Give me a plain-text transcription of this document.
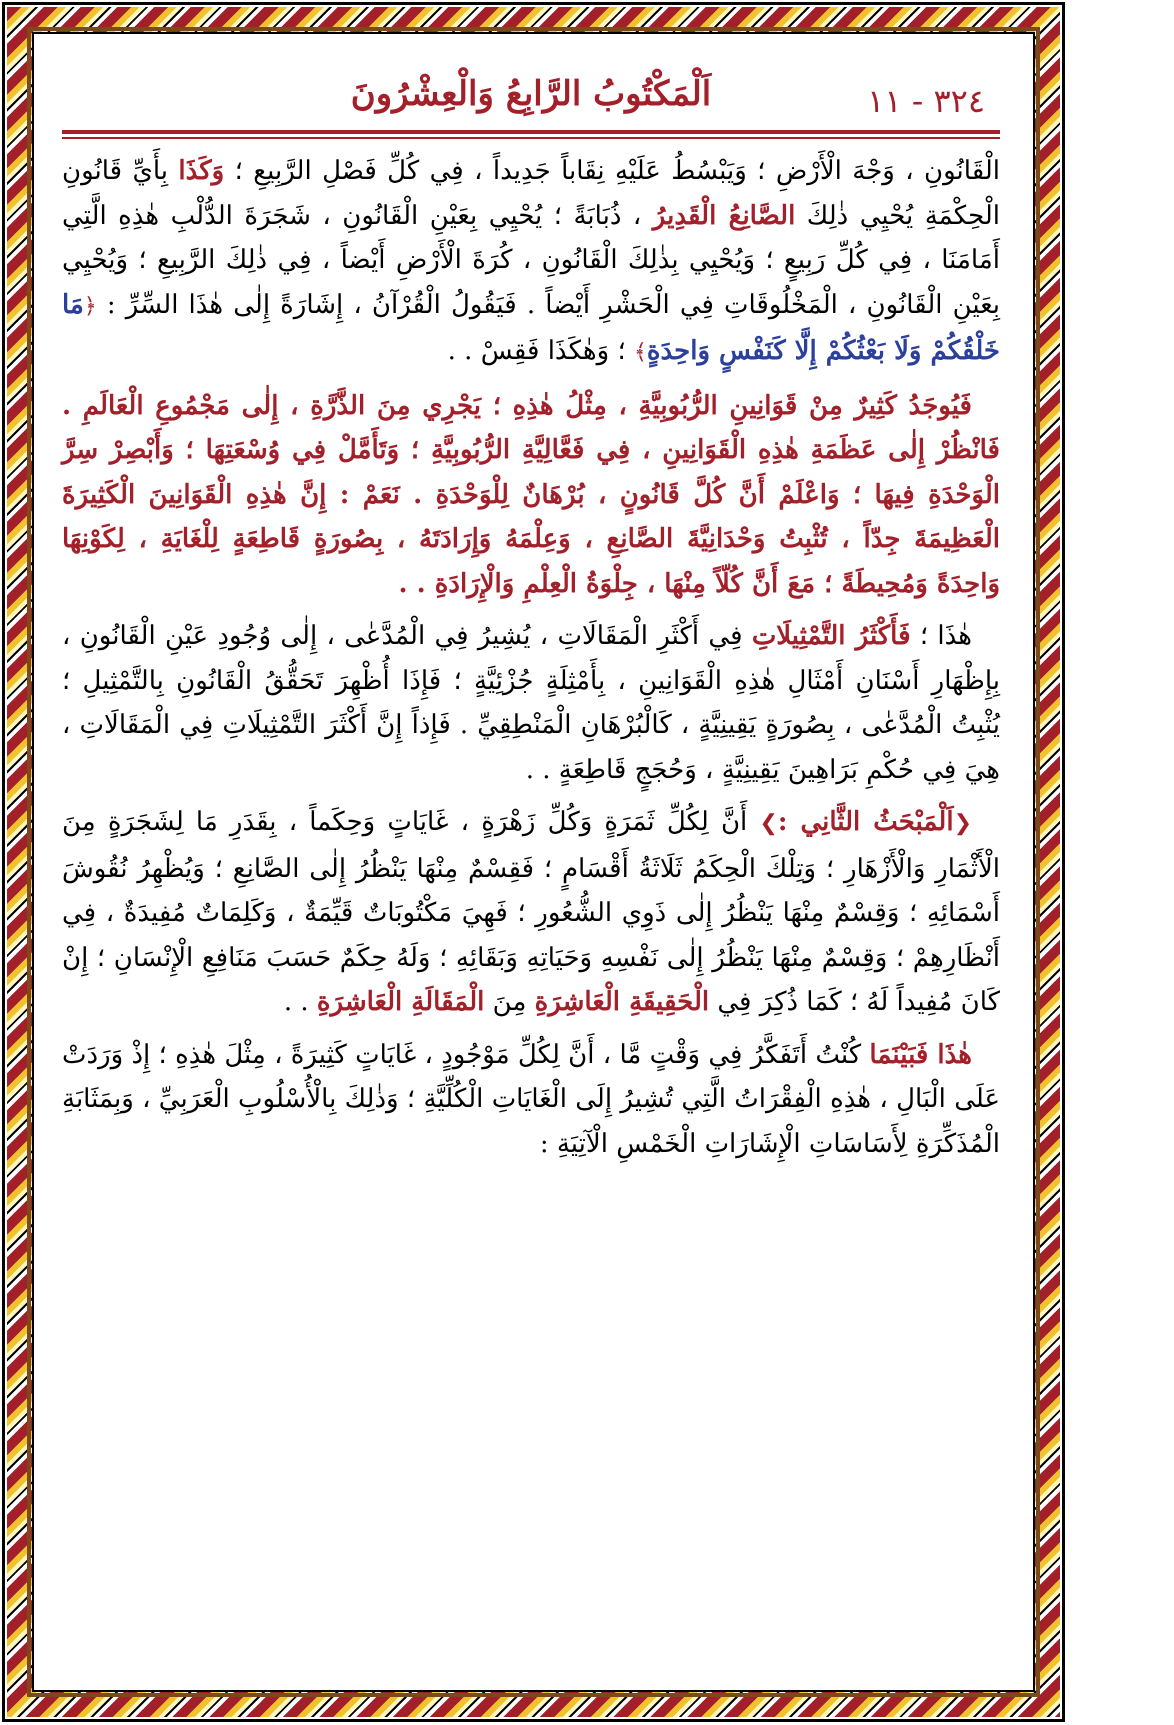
٣٢٤ - ١١
اَلْمَكْتُوبُ الرَّابِعُ وَالْعِشْرُونَ

الْقَانُونِ ، وَجْهَ الْأَرْضِ ؛ وَيَبْسُطُ عَلَيْهِ نِقَاباً جَدِيداً ، فِي كُلِّ فَصْلِ الرَّبِيعِ ؛ وَكَذَا بِأَيِّ قَانُونِ الْحِكْمَةِ يُحْيِي ذٰلِكَ الصَّانِعُ الْقَدِيرُ ، ذُبَابَةً ؛ يُحْيِي بِعَيْنِ الْقَانُونِ ، شَجَرَةَ الدُّلْبِ هٰذِهِ الَّتِي أَمَامَنَا ، فِي كُلِّ رَبِيعٍ ؛ وَيُحْيِي بِذٰلِكَ الْقَانُونِ ، كُرَةَ الْأَرْضِ أَيْضاً ، فِي ذٰلِكَ الرَّبِيعِ ؛ وَيُحْيِي بِعَيْنِ الْقَانُونِ ، الْمَخْلُوقَاتِ فِي الْحَشْرِ أَيْضاً . فَيَقُولُ الْقُرْآنُ ، إِشَارَةً إِلٰى هٰذَا السِّرِّ : ﴿مَا خَلْقُكُمْ وَلَا بَعْثُكُمْ إِلَّا كَنَفْسٍ وَاحِدَةٍ﴾ ؛ وَهٰكَذَا فَقِسْ . .

فَيُوجَدُ كَثِيرٌ مِنْ قَوَانِينِ الرُّبُوبِيَّةِ ، مِثْلُ هٰذِهِ ؛ يَجْرِي مِنَ الذَّرَّةِ ، إِلٰى مَجْمُوعِ الْعَالَمِ . فَانْظُرْ إِلٰى عَظَمَةِ هٰذِهِ الْقَوَانِينِ ، فِي فَعَّالِيَّةِ الرُّبُوبِيَّةِ ؛ وَتَأَمَّلْ فِي وُسْعَتِهَا ؛ وَأَبْصِرْ سِرَّ الْوَحْدَةِ فِيهَا ؛ وَاعْلَمْ أَنَّ كُلَّ قَانُونٍ ، بُرْهَانٌ لِلْوَحْدَةِ . نَعَمْ : إِنَّ هٰذِهِ الْقَوَانِينَ الْكَثِيرَةَ الْعَظِيمَةَ جِدّاً ، تُثْبِتُ وَحْدَانِيَّةَ الصَّانِعِ ، وَعِلْمَهُ وَإِرَادَتَهُ ، بِصُورَةٍ قَاطِعَةٍ لِلْغَايَةِ ، لِكَوْنِهَا وَاحِدَةً وَمُحِيطَةً ؛ مَعَ أَنَّ كُلّاً مِنْهَا ، جِلْوَةُ الْعِلْمِ وَالْإِرَادَةِ . .

هٰذَا ؛ فَأَكْثَرُ التَّمْثِيلَاتِ فِي أَكْثَرِ الْمَقَالَاتِ ، يُشِيرُ فِي الْمُدَّعٰى ، إِلٰى وُجُودِ عَيْنِ الْقَانُونِ ، بِإِظْهَارِ أَسْنَانِ أَمْثَالِ هٰذِهِ الْقَوَانِينِ ، بِأَمْثِلَةٍ جُزْئِيَّةٍ ؛ فَإِذَا أُظْهِرَ تَحَقُّقُ الْقَانُونِ بِالتَّمْثِيلِ ؛ يُثْبِتُ الْمُدَّعٰى ، بِصُورَةٍ يَقِينِيَّةٍ ، كَالْبُرْهَانِ الْمَنْطِقِيِّ . فَإِذاً إِنَّ أَكْثَرَ التَّمْثِيلَاتِ فِي الْمَقَالَاتِ ، هِيَ فِي حُكْمِ بَرَاهِينَ يَقِينِيَّةٍ ، وَحُجَجٍ قَاطِعَةٍ . .

❮اَلْمَبْحَثُ الثَّانِي :❯ أَنَّ لِكُلِّ ثَمَرَةٍ وَكُلِّ زَهْرَةٍ ، غَايَاتٍ وَحِكَماً ، بِقَدَرِ مَا لِشَجَرَةٍ مِنَ الْأَثْمَارِ وَالْأَزْهَارِ ؛ وَتِلْكَ الْحِكَمُ ثَلَاثَةُ أَقْسَامٍ ؛ فَقِسْمٌ مِنْهَا يَنْظُرُ إِلٰى الصَّانِعِ ؛ وَيُظْهِرُ نُقُوشَ أَسْمَائِهِ ؛ وَقِسْمٌ مِنْهَا يَنْظُرُ إِلٰى ذَوِي الشُّعُورِ ؛ فَهِيَ مَكْتُوبَاتٌ قَيِّمَةٌ ، وَكَلِمَاتٌ مُفِيدَةٌ ، فِي أَنْظَارِهِمْ ؛ وَقِسْمٌ مِنْهَا يَنْظُرُ إِلٰى نَفْسِهِ وَحَيَاتِهِ وَبَقَائِهِ ؛ وَلَهُ حِكَمٌ حَسَبَ مَنَافِعِ الْإِنْسَانِ ؛ إِنْ كَانَ مُفِيداً لَهُ ؛ كَمَا ذُكِرَ فِي الْحَقِيقَةِ الْعَاشِرَةِ مِنَ الْمَقَالَةِ الْعَاشِرَةِ . .

هٰذَا فَبَيْنَمَا كُنْتُ أَتَفَكَّرُ فِي وَقْتٍ مَّا ، أَنَّ لِكُلِّ مَوْجُودٍ ، غَايَاتٍ كَثِيرَةً ، مِثْلَ هٰذِهِ ؛ إِذْ وَرَدَتْ عَلَى الْبَالِ ، هٰذِهِ الْفِقْرَاتُ الَّتِي تُشِيرُ إِلَى الْغَايَاتِ الْكُلِّيَّةِ ؛ وَذٰلِكَ بِالْأُسْلُوبِ الْعَرَبِيِّ ، وَبِمَثَابَةِ الْمُذَكِّرَةِ لِأَسَاسَاتِ الْإِشَارَاتِ الْخَمْسِ الْآتِيَةِ :
